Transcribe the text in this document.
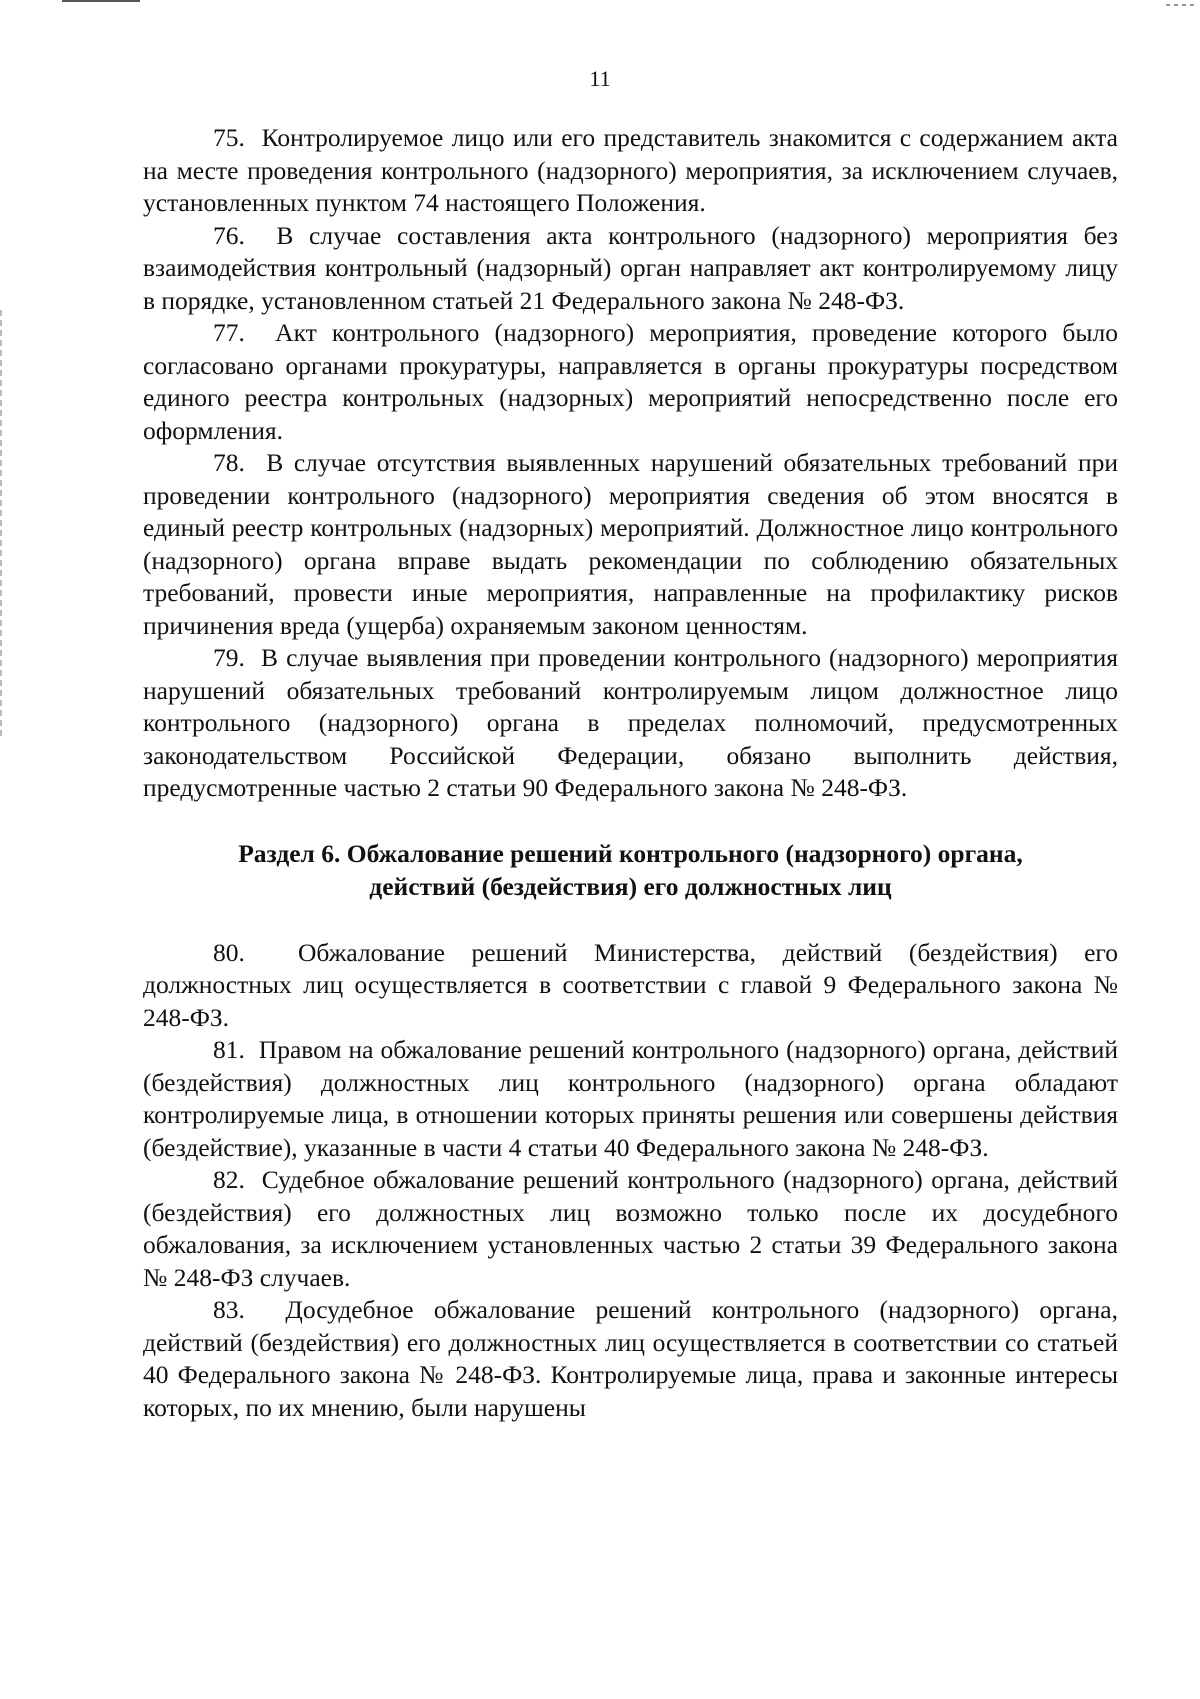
11

75.  Контролируемое лицо или его представитель знакомится с содержанием акта на месте проведения контрольного (надзорного) мероприятия, за исключением случаев, установленных пунктом 74 настоящего Положения.

76.  В случае составления акта контрольного (надзорного) мероприятия без взаимодействия контрольный (надзорный) орган направляет акт контролируемому лицу в порядке, установленном статьей 21 Федерального закона № 248-ФЗ.

77.  Акт контрольного (надзорного) мероприятия, проведение которого было согласовано органами прокуратуры, направляется в органы прокуратуры посредством единого реестра контрольных (надзорных) мероприятий непосредственно после его оформления.

78.  В случае отсутствия выявленных нарушений обязательных требований при проведении контрольного (надзорного) мероприятия сведения об этом вносятся в единый реестр контрольных (надзорных) мероприятий. Должностное лицо контрольного (надзорного) органа вправе выдать рекомендации по соблюдению обязательных требований, провести иные мероприятия, направленные на профилактику рисков причинения вреда (ущерба) охраняемым законом ценностям.

79.  В случае выявления при проведении контрольного (надзорного) мероприятия нарушений обязательных требований контролируемым лицом должностное лицо контрольного (надзорного) органа в пределах полномочий, предусмотренных законодательством Российской Федерации, обязано выполнить действия, предусмотренные частью 2 статьи 90 Федерального закона № 248-ФЗ.

Раздел 6. Обжалование решений контрольного (надзорного) органа,
действий (бездействия) его должностных лиц

80.  Обжалование решений Министерства, действий (бездействия) его должностных лиц осуществляется в соответствии с главой 9 Федерального закона № 248-ФЗ.

81.  Правом на обжалование решений контрольного (надзорного) органа, действий (бездействия) должностных лиц контрольного (надзорного) органа обладают контролируемые лица, в отношении которых приняты решения или совершены действия (бездействие), указанные в части 4 статьи 40 Федерального закона № 248-ФЗ.

82.  Судебное обжалование решений контрольного (надзорного) органа, действий (бездействия) его должностных лиц возможно только после их досудебного обжалования, за исключением установленных частью 2 статьи 39 Федерального закона № 248-ФЗ случаев.

83.  Досудебное обжалование решений контрольного (надзорного) органа, действий (бездействия) его должностных лиц осуществляется в соответствии со статьей 40 Федерального закона № 248-ФЗ. Контролируемые лица, права и законные интересы которых, по их мнению, были нарушены
